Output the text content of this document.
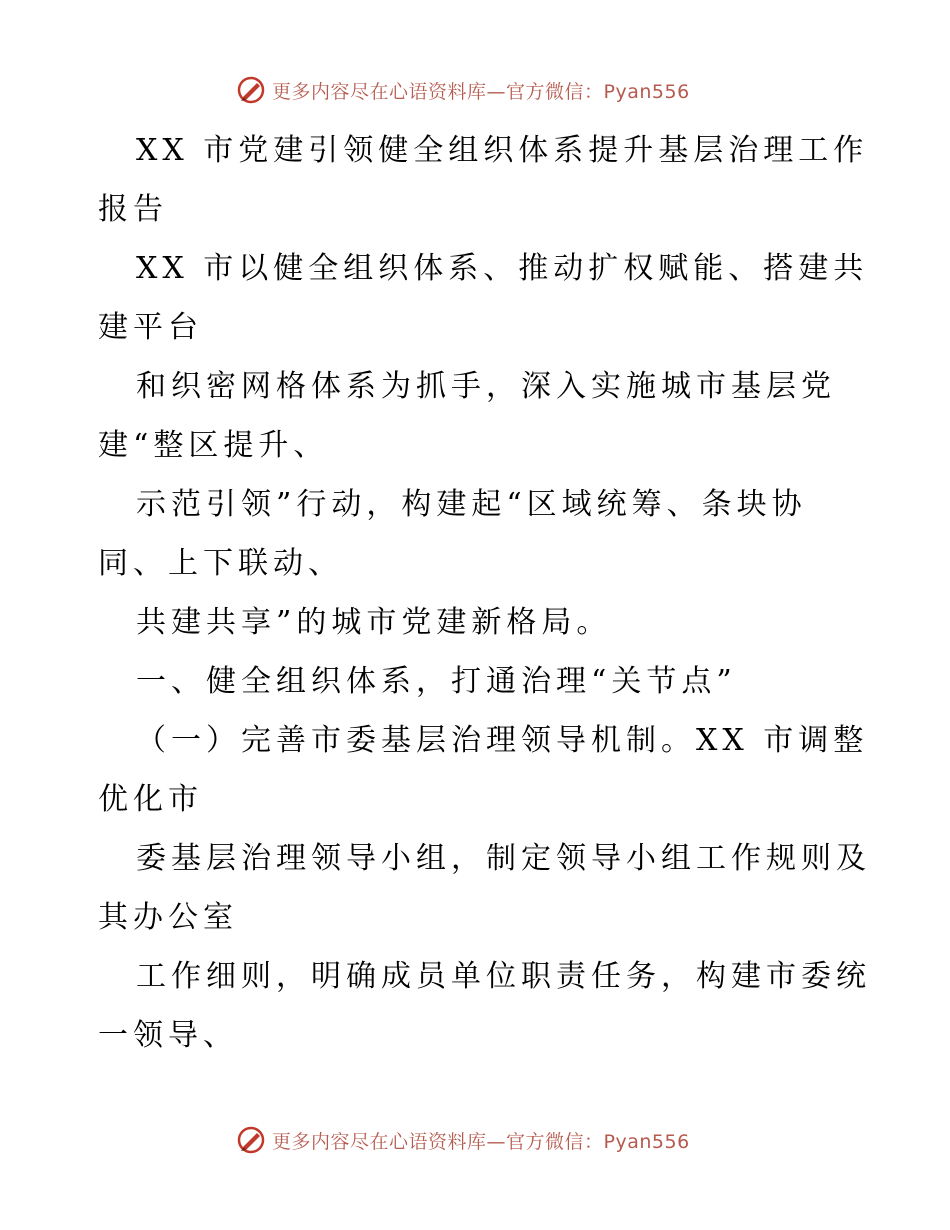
更多内容尽在心语资料库—官方微信：Pyan556
XX 市党建引领健全组织体系提升基层治理工作
报告
XX 市以健全组织体系、推动扩权赋能、搭建共
建平台
和织密网格体系为抓手，深入实施城市基层党
建“整区提升、
示范引领”行动，构建起“区域统筹、条块协
同、上下联动、
共建共享”的城市党建新格局。
一、健全组织体系，打通治理“关节点”
（一）完善市委基层治理领导机制。XX 市调整
优化市
委基层治理领导小组，制定领导小组工作规则及
其办公室
工作细则，明确成员单位职责任务，构建市委统
一领导、
更多内容尽在心语资料库—官方微信：Pyan556
